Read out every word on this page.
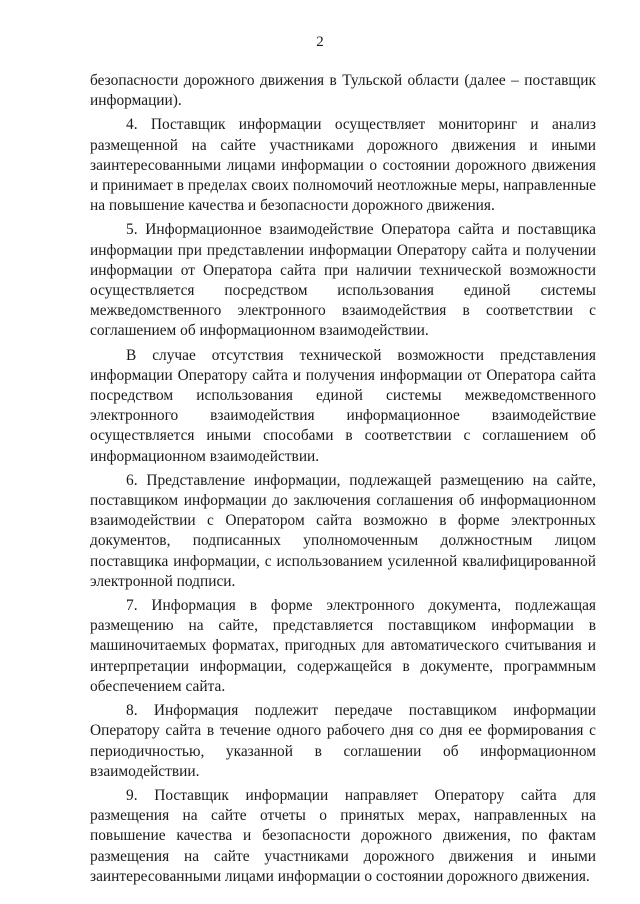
2

безопасности дорожного движения в Тульской области (далее – поставщик информации).

4. Поставщик информации осуществляет мониторинг и анализ размещенной на сайте участниками дорожного движения и иными заинтересованными лицами информации о состоянии дорожного движения и принимает в пределах своих полномочий неотложные меры, направленные на повышение качества и безопасности дорожного движения.

5. Информационное взаимодействие Оператора сайта и поставщика информации при представлении информации Оператору сайта и получении информации от Оператора сайта при наличии технической возможности осуществляется посредством использования единой системы межведомственного электронного взаимодействия в соответствии с соглашением об информационном взаимодействии.

В случае отсутствия технической возможности представления информации Оператору сайта и получения информации от Оператора сайта посредством использования единой системы межведомственного электронного взаимодействия информационное взаимодействие осуществляется иными способами в соответствии с соглашением об информационном взаимодействии.

6. Представление информации, подлежащей размещению на сайте, поставщиком информации до заключения соглашения об информационном взаимодействии с Оператором сайта возможно в форме электронных документов, подписанных уполномоченным должностным лицом поставщика информации, с использованием усиленной квалифицированной электронной подписи.

7. Информация в форме электронного документа, подлежащая размещению на сайте, представляется поставщиком информации в машиночитаемых форматах, пригодных для автоматического считывания и интерпретации информации, содержащейся в документе, программным обеспечением сайта.

8. Информация подлежит передаче поставщиком информации Оператору сайта в течение одного рабочего дня со дня ее формирования с периодичностью, указанной в соглашении об информационном взаимодействии.

9. Поставщик информации направляет Оператору сайта для размещения на сайте отчеты о принятых мерах, направленных на повышение качества и безопасности дорожного движения, по фактам размещения на сайте участниками дорожного движения и иными заинтересованными лицами информации о состоянии дорожного движения.
